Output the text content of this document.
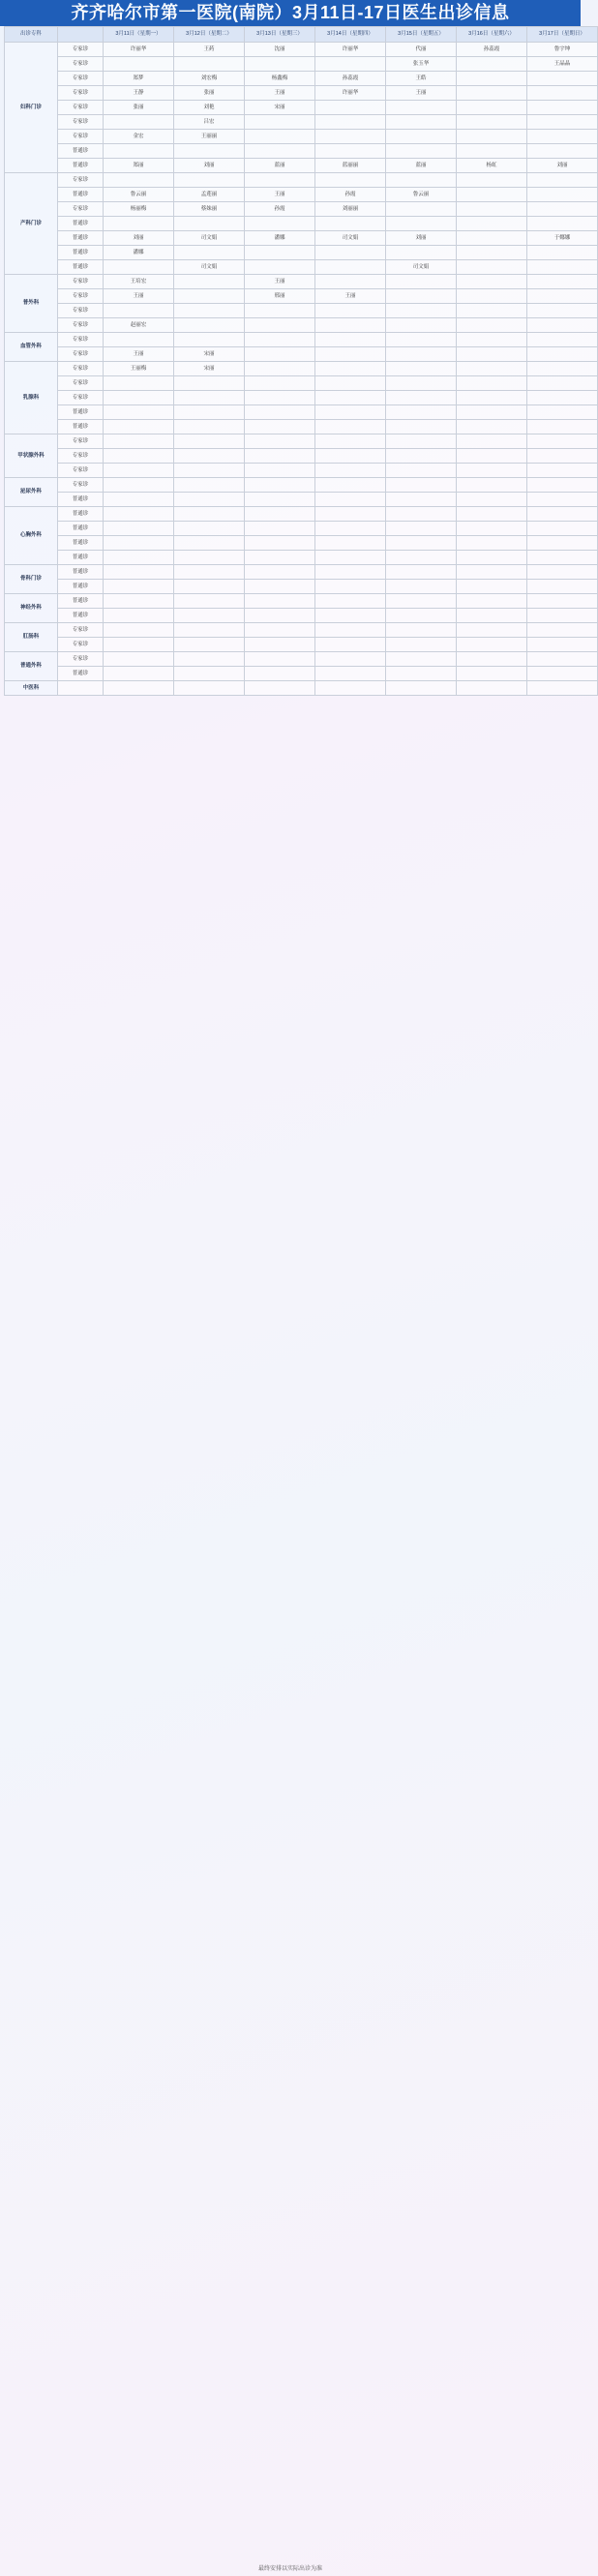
齐齐哈尔市第一医院(南院）3月11日-17日医生出诊信息
出诊专科		3月11日（星期一）	3月12日（星期二）	3月13日（星期三）	3月14日（星期四）	3月15日（星期五）	3月16日（星期六）	3月17日（星期日）
妇科门诊	专家诊	许丽华	王药	沈丽	许丽华	代丽	孙蕊霞	鲁宇坤
	专家诊					张玉华		王晶晶
	专家诊	郑梦	刘宏梅	杨鑫梅	孙蕊霞	王皓		
	专家诊	王静	张丽	王丽	许丽华	王丽		
	专家诊	张丽	刘艳	宋丽				
	专家诊		吕宏					
	专家诊	金宏	王丽丽					
	普通诊							
	普通诊	郑丽	刘丽	蓝丽	蓝丽丽	蓝丽	杨虹	刘丽
产科门诊	专家诊							
	普通诊	鲁云丽	孟莲丽	王丽	孙霞	鲁云丽		
	专家诊	杨丽梅	蔡妹丽	孙霞	刘丽丽			
	普通诊							
	普通诊	刘丽	司文娟	潘娜	司文娟	刘丽		于娜娜
	普通诊	潘娜						
	普通诊		司文娟			司文娟		
普外科	专家诊	王培宏		王丽				
	专家诊	王丽		邢丽	王丽			
	专家诊							
	专家诊	赵丽宏						
血管外科	专家诊							
	专家诊	王丽	宋丽					
乳腺科	专家诊	王丽梅	宋丽					
	专家诊							
	专家诊							
	普通诊							
	普通诊							
甲状腺外科	专家诊							
	专家诊							
	专家诊							
泌尿外科	专家诊							
	普通诊							
心胸外科	普通诊							
	普通诊							
	普通诊							
	普通诊							
骨科门诊	普通诊							
	普通诊							
神经外科	普通诊							
	普通诊							
肛肠科	专家诊							
	专家诊							
普通外科	专家诊							
	普通诊							
中医科								
最终安排以实际出诊为准
